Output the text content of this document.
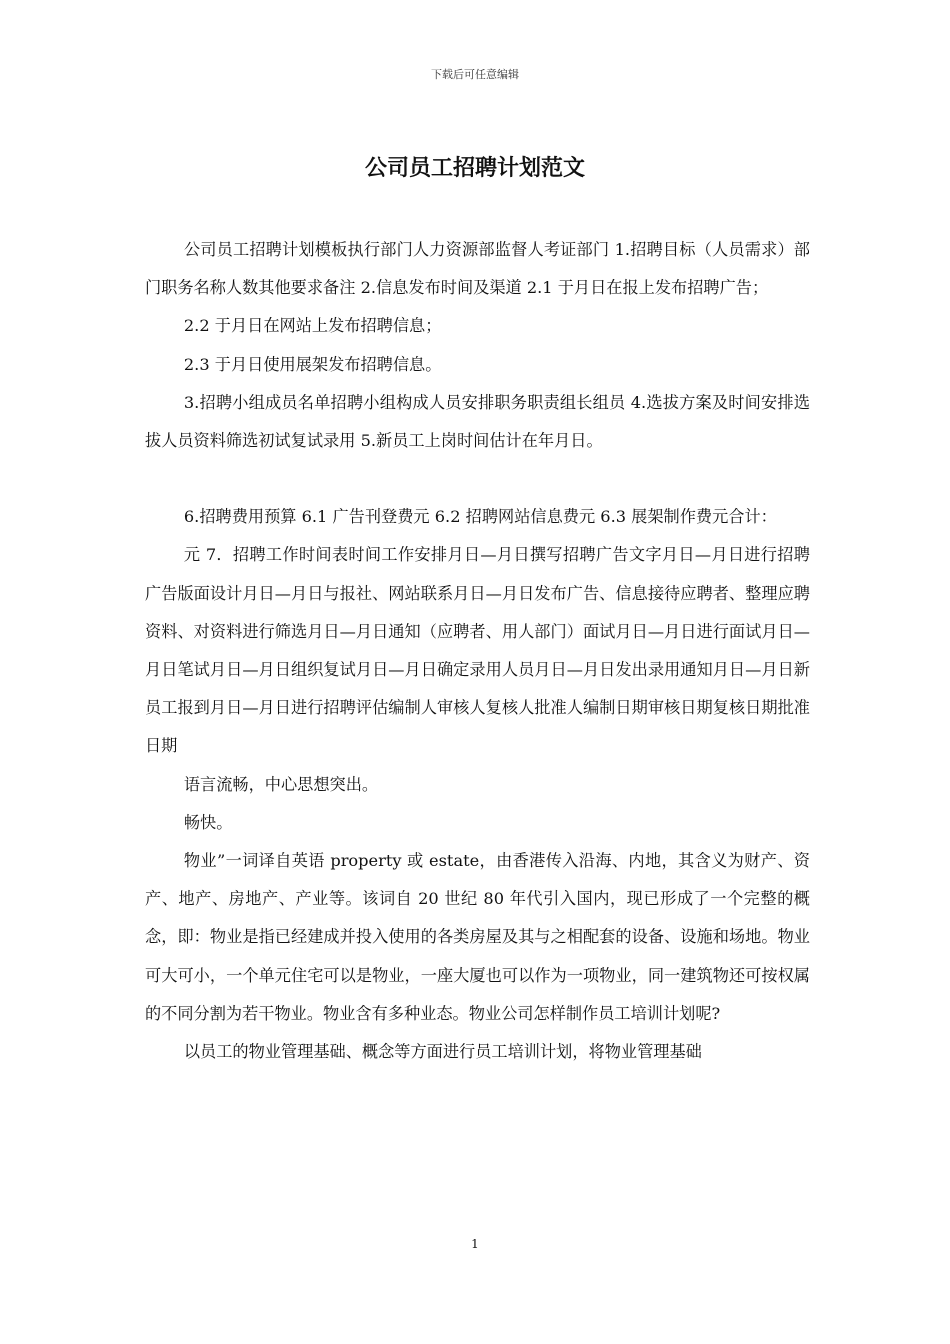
下载后可任意编辑
公司员工招聘计划范文

公司员工招聘计划模板执行部门人力资源部监督人考证部门 1.招聘目标（人员需求）部门职务名称人数其他要求备注 2.信息发布时间及渠道 2.1 于月日在报上发布招聘广告；

2.2 于月日在网站上发布招聘信息；

2.3 于月日使用展架发布招聘信息。

3.招聘小组成员名单招聘小组构成人员安排职务职责组长组员 4.选拔方案及时间安排选拔人员资料筛选初试复试录用 5.新员工上岗时间估计在年月日。

6.招聘费用预算 6.1 广告刊登费元 6.2 招聘网站信息费元 6.3 展架制作费元合计：

元 7．招聘工作时间表时间工作安排月日—月日撰写招聘广告文字月日—月日进行招聘广告版面设计月日—月日与报社、网站联系月日—月日发布广告、信息接待应聘者、整理应聘资料、对资料进行筛选月日—月日通知（应聘者、用人部门）面试月日—月日进行面试月日—月日笔试月日—月日组织复试月日—月日确定录用人员月日—月日发出录用通知月日—月日新员工报到月日—月日进行招聘评估编制人审核人复核人批准人编制日期审核日期复核日期批准日期

语言流畅，中心思想突出。

畅快。

物业”一词译自英语 property 或 estate，由香港传入沿海、内地，其含义为财产、资产、地产、房地产、产业等。该词自 20 世纪 80 年代引入国内，现已形成了一个完整的概念，即：物业是指已经建成并投入使用的各类房屋及其与之相配套的设备、设施和场地。物业可大可小，一个单元住宅可以是物业，一座大厦也可以作为一项物业，同一建筑物还可按权属的不同分割为若干物业。物业含有多种业态。物业公司怎样制作员工培训计划呢?

以员工的物业管理基础、概念等方面进行员工培训计划，将物业管理基础

1
